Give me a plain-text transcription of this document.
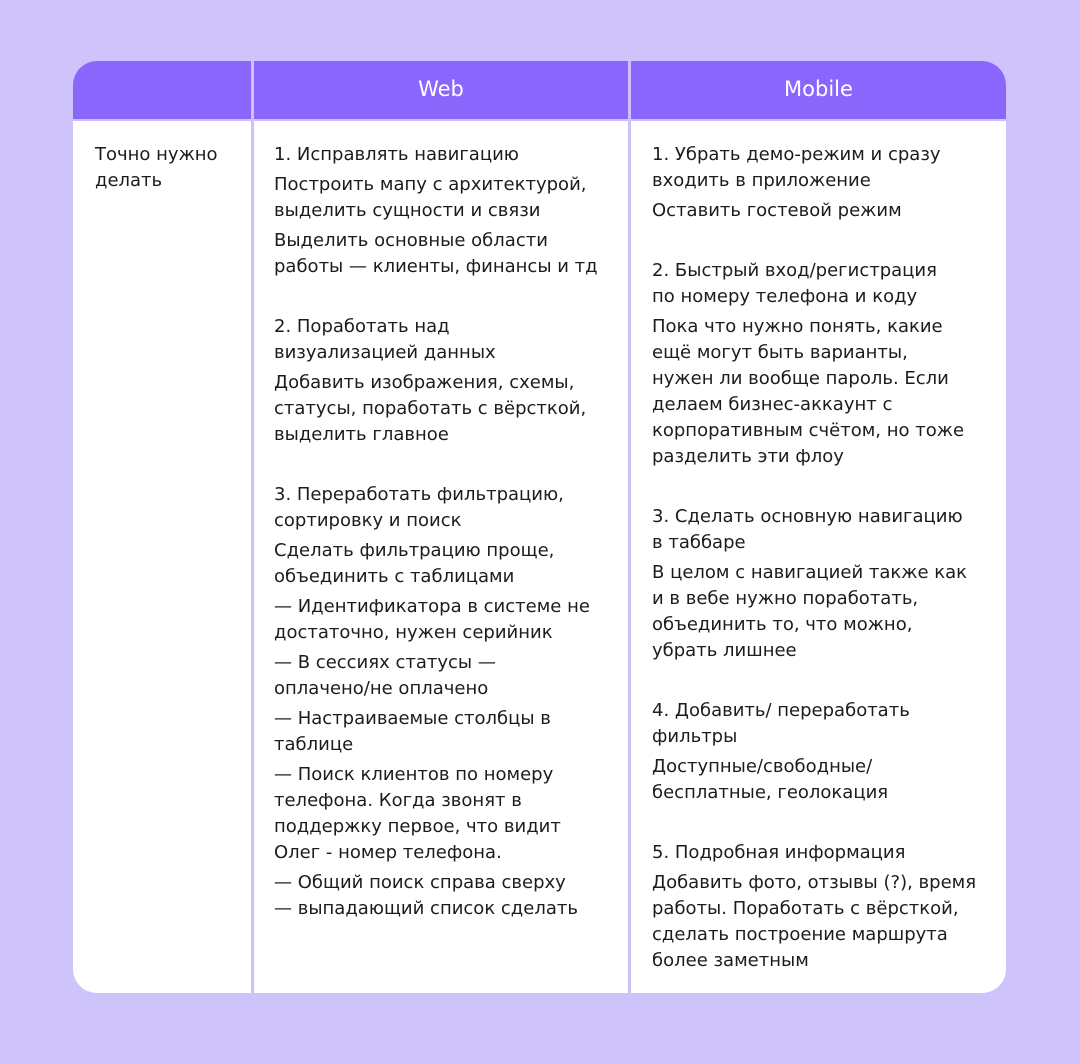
Web	Mobile
Точно нужно
делать
1. Исправлять навигацию
Построить мапу с архитектурой,
выделить сущности и связи
Выделить основные области
работы — клиенты, финансы и тд
2. Поработать над
визуализацией данных
Добавить изображения, схемы,
статусы, поработать с вёрсткой,
выделить главное
3. Переработать фильтрацию,
сортировку и поиск
Сделать фильтрацию проще,
объединить с таблицами
— Идентификатора в системе не
достаточно, нужен серийник
— В сессиях статусы —
оплачено/не оплачено
— Настраиваемые столбцы в
таблице
— Поиск клиентов по номеру
телефона. Когда звонят в
поддержку первое, что видит
Олег - номер телефона.
— Общий поиск справа сверху
— выпадающий список сделать
1. Убрать демо-режим и сразу
входить в приложение
Оставить гостевой режим
2. Быстрый вход/регистрация
по номеру телефона и коду
Пока что нужно понять, какие
ещё могут быть варианты,
нужен ли вообще пароль. Если
делаем бизнес-аккаунт с
корпоративным счётом, но тоже
разделить эти флоу
3. Сделать основную навигацию
в таббаре
В целом с навигацией также как
и в вебе нужно поработать,
объединить то, что можно,
убрать лишнее
4. Добавить/ переработать
фильтры
Доступные/свободные/
бесплатные, геолокация
5. Подробная информация
Добавить фото, отзывы (?), время
работы. Поработать с вёрсткой,
сделать построение маршрута
более заметным
